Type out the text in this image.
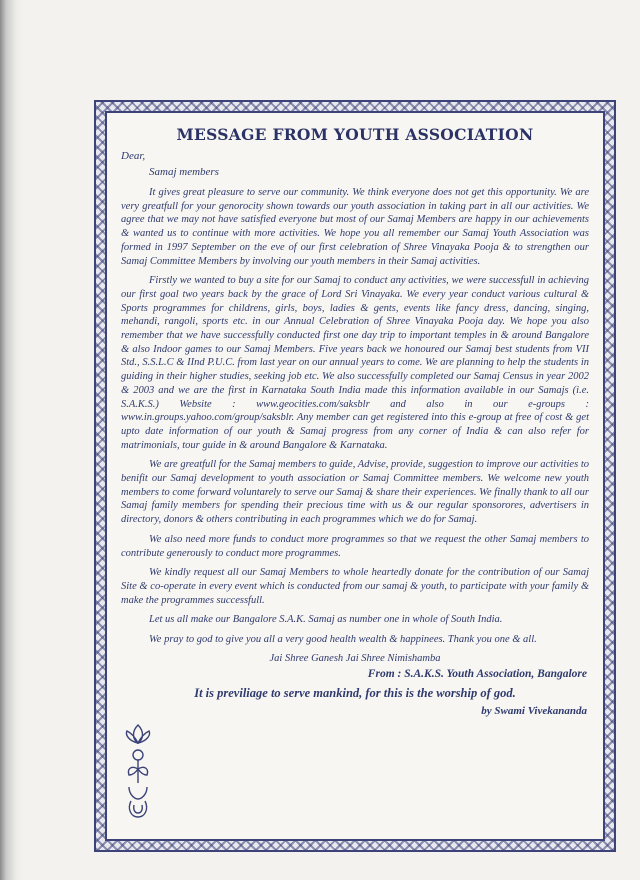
MESSAGE FROM YOUTH ASSOCIATION

Dear,

Samaj members

It gives great pleasure to serve our community. We think everyone does not get this opportunity. We are very greatfull for your genorocity shown towards our youth association in taking part in all our activities. We agree that we may not have satisfied everyone but most of our Samaj Members are happy in our achievements & wanted us to continue with more activities. We hope you all remember our Samaj Youth Association was formed in 1997 September on the eve of our first celebration of Shree Vinayaka Pooja & to strengthen our Samaj Committee Members by involving our youth members in their Samaj activities.

Firstly we wanted to buy a site for our Samaj to conduct any activities, we were successfull in achieving our first goal two years back by the grace of Lord Sri Vinayaka. We every year conduct various cultural & Sports programmes for childrens, girls, boys, ladies & gents, events like fancy dress, dancing, singing, mehandi, rangoli, sports etc. in our Annual Celebration of Shree Vinayaka Pooja day. We hope you also remember that we have successfully conducted first one day trip to important temples in & around Bangalore & also Indoor games to our Samaj Members. Five years back we honoured our Samaj best students from VII Std., S.S.L.C & IInd P.U.C. from last year on our annual years to come. We are planning to help the students in guiding in their higher studies, seeking job etc. We also successfully completed our Samaj Census in year 2002 & 2003 and we are the first in Karnataka South India made this information available in our Samajs (i.e. S.A.K.S.) Website : www.geocities.com/saksblr and also in our e-groups : www.in.groups.yahoo.com/group/saksblr. Any member can get registered into this e-group at free of cost & get upto date information of our youth & Samaj progress from any corner of India & can also refer for matrimonials, tour guide in & around Bangalore & Karnataka.

We are greatfull for the Samaj members to guide, Advise, provide, suggestion to improve our activities to benifit our Samaj development to youth association or Samaj Committee members. We welcome new youth members to come forward voluntarely to serve our Samaj & share their experiences. We finally thank to all our Samaj family members for spending their precious time with us & our regular sponsorores, advertisers in directory, donors & others contributing in each programmes which we do for Samaj.

We also need more funds to conduct more programmes so that we request the other Samaj members to contribute generously to conduct more programmes.

We kindly request all our Samaj Members to whole heartedly donate for the contribution of our Samaj Site & co-operate in every event which is conducted from our samaj & youth, to participate with your family & make the programmes successfull.

Let us all make our Bangalore S.A.K. Samaj as number one in whole of South India.

We pray to god to give you all a very good health wealth & happinees. Thank you one & all.

Jai Shree Ganesh Jai Shree Nimishamba

From : S.A.K.S. Youth Association, Bangalore

It is previliage to serve mankind, for this is the worship of god.

by Swami Vivekananda
